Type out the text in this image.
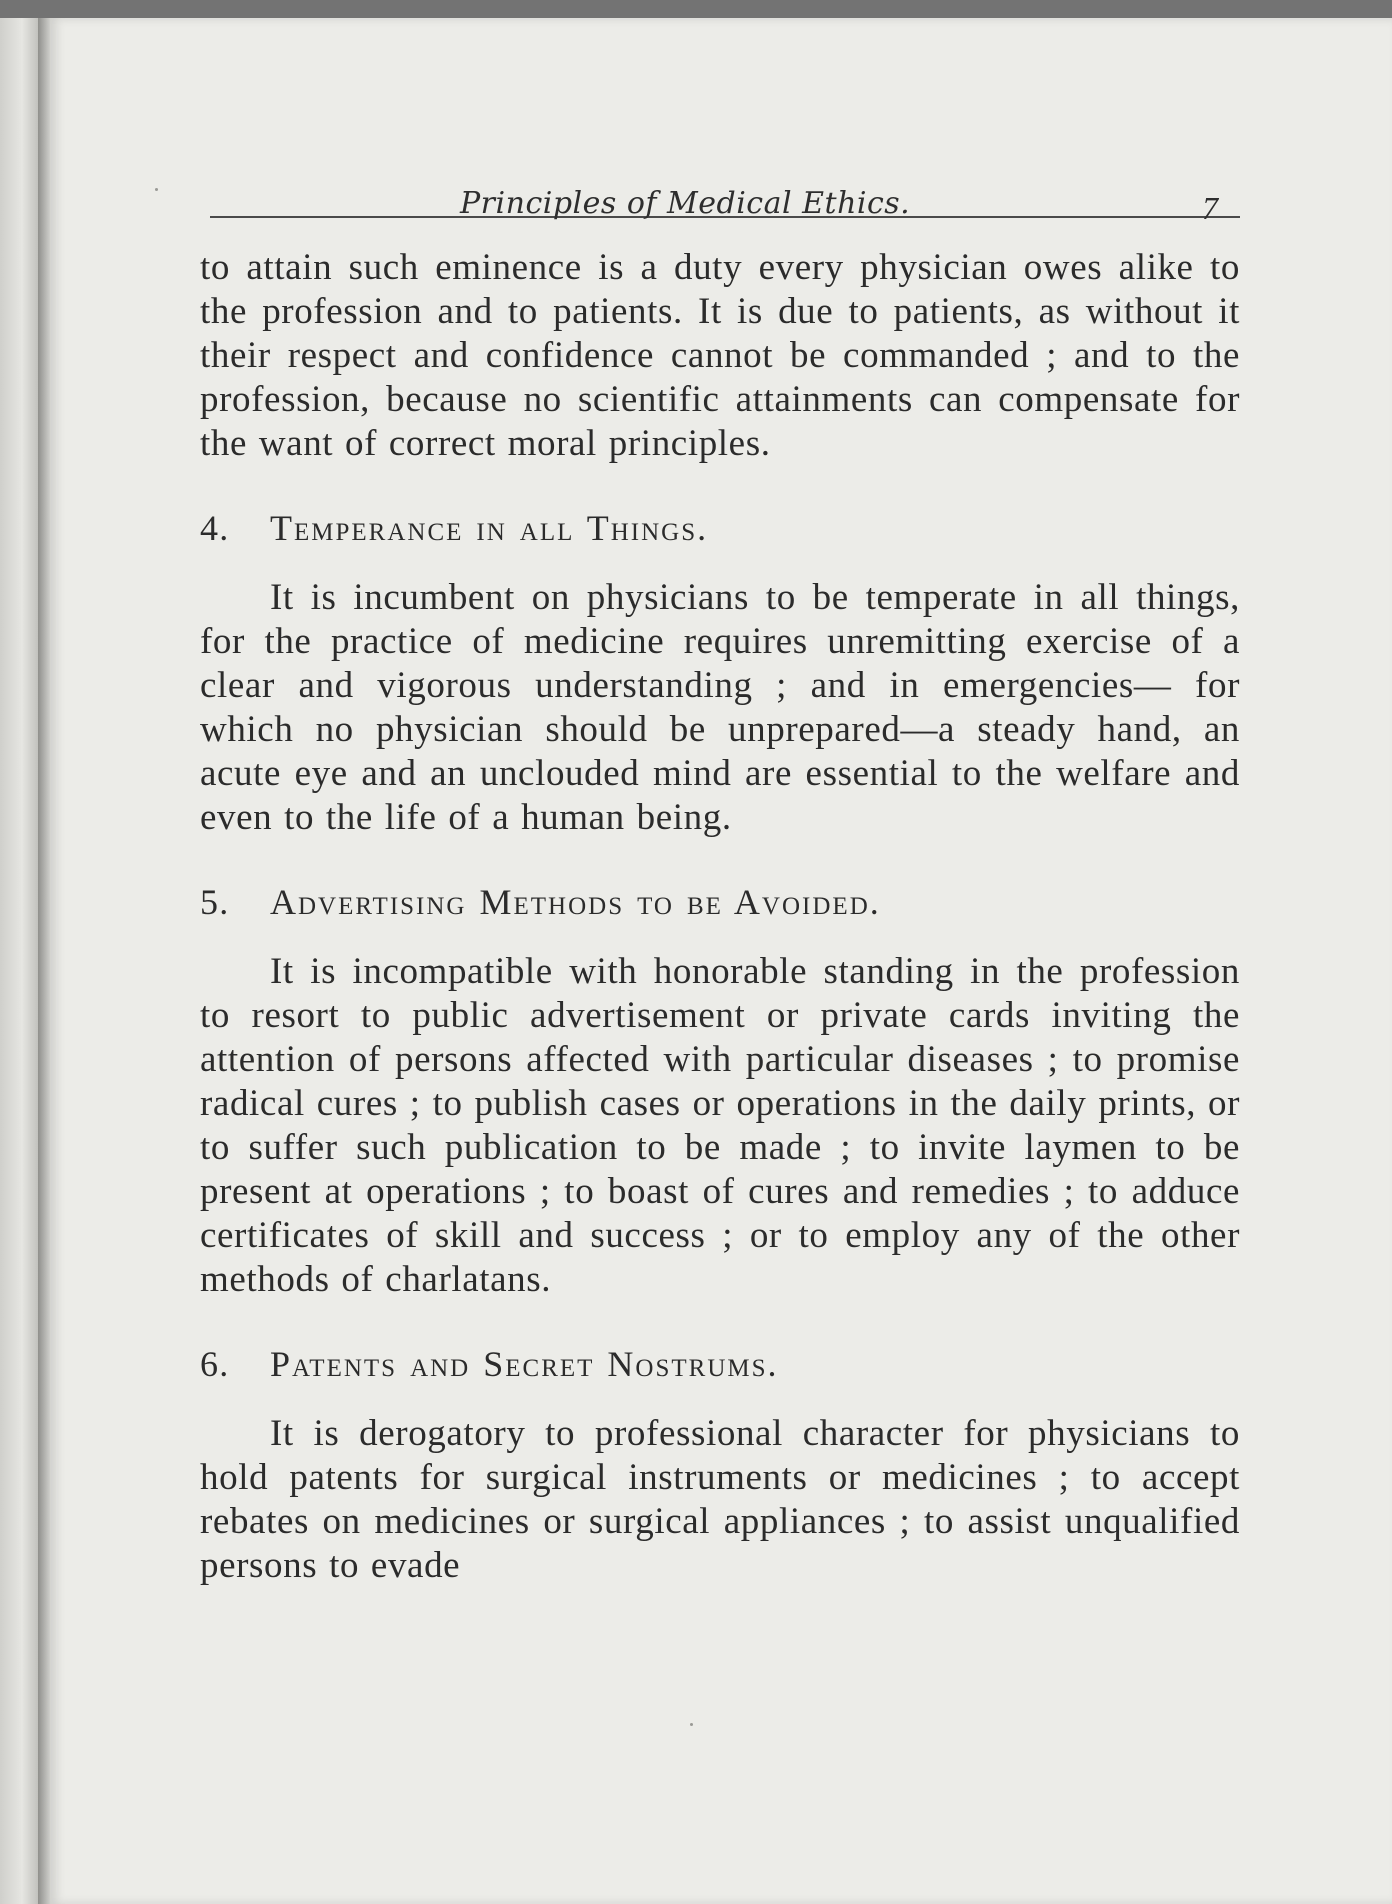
Principles of Medical Ethics.	7

to attain such eminence is a duty every physician owes alike to the profession and to patients. It is due to patients, as without it their respect and confidence cannot be commanded ; and to the profession, because no scientific attainments can compensate for the want of correct moral principles.

4. Temperance in all Things.

It is incumbent on physicians to be temperate in all things, for the practice of medicine requires unremitting exercise of a clear and vigorous understanding ; and in emergencies— for which no physician should be unprepared—a steady hand, an acute eye and an unclouded mind are essential to the welfare and even to the life of a human being.

5. Advertising Methods to be Avoided.

It is incompatible with honorable standing in the profession to resort to public advertisement or private cards inviting the attention of persons affected with particular diseases ; to promise radical cures ; to publish cases or operations in the daily prints, or to suffer such publication to be made ; to invite laymen to be present at operations ; to boast of cures and remedies ; to adduce certificates of skill and success ; or to employ any of the other methods of charlatans.

6. Patents and Secret Nostrums.

It is derogatory to professional character for physicians to hold patents for surgical instruments or medicines ; to accept rebates on medicines or surgical appliances ; to assist unqualified persons to evade
